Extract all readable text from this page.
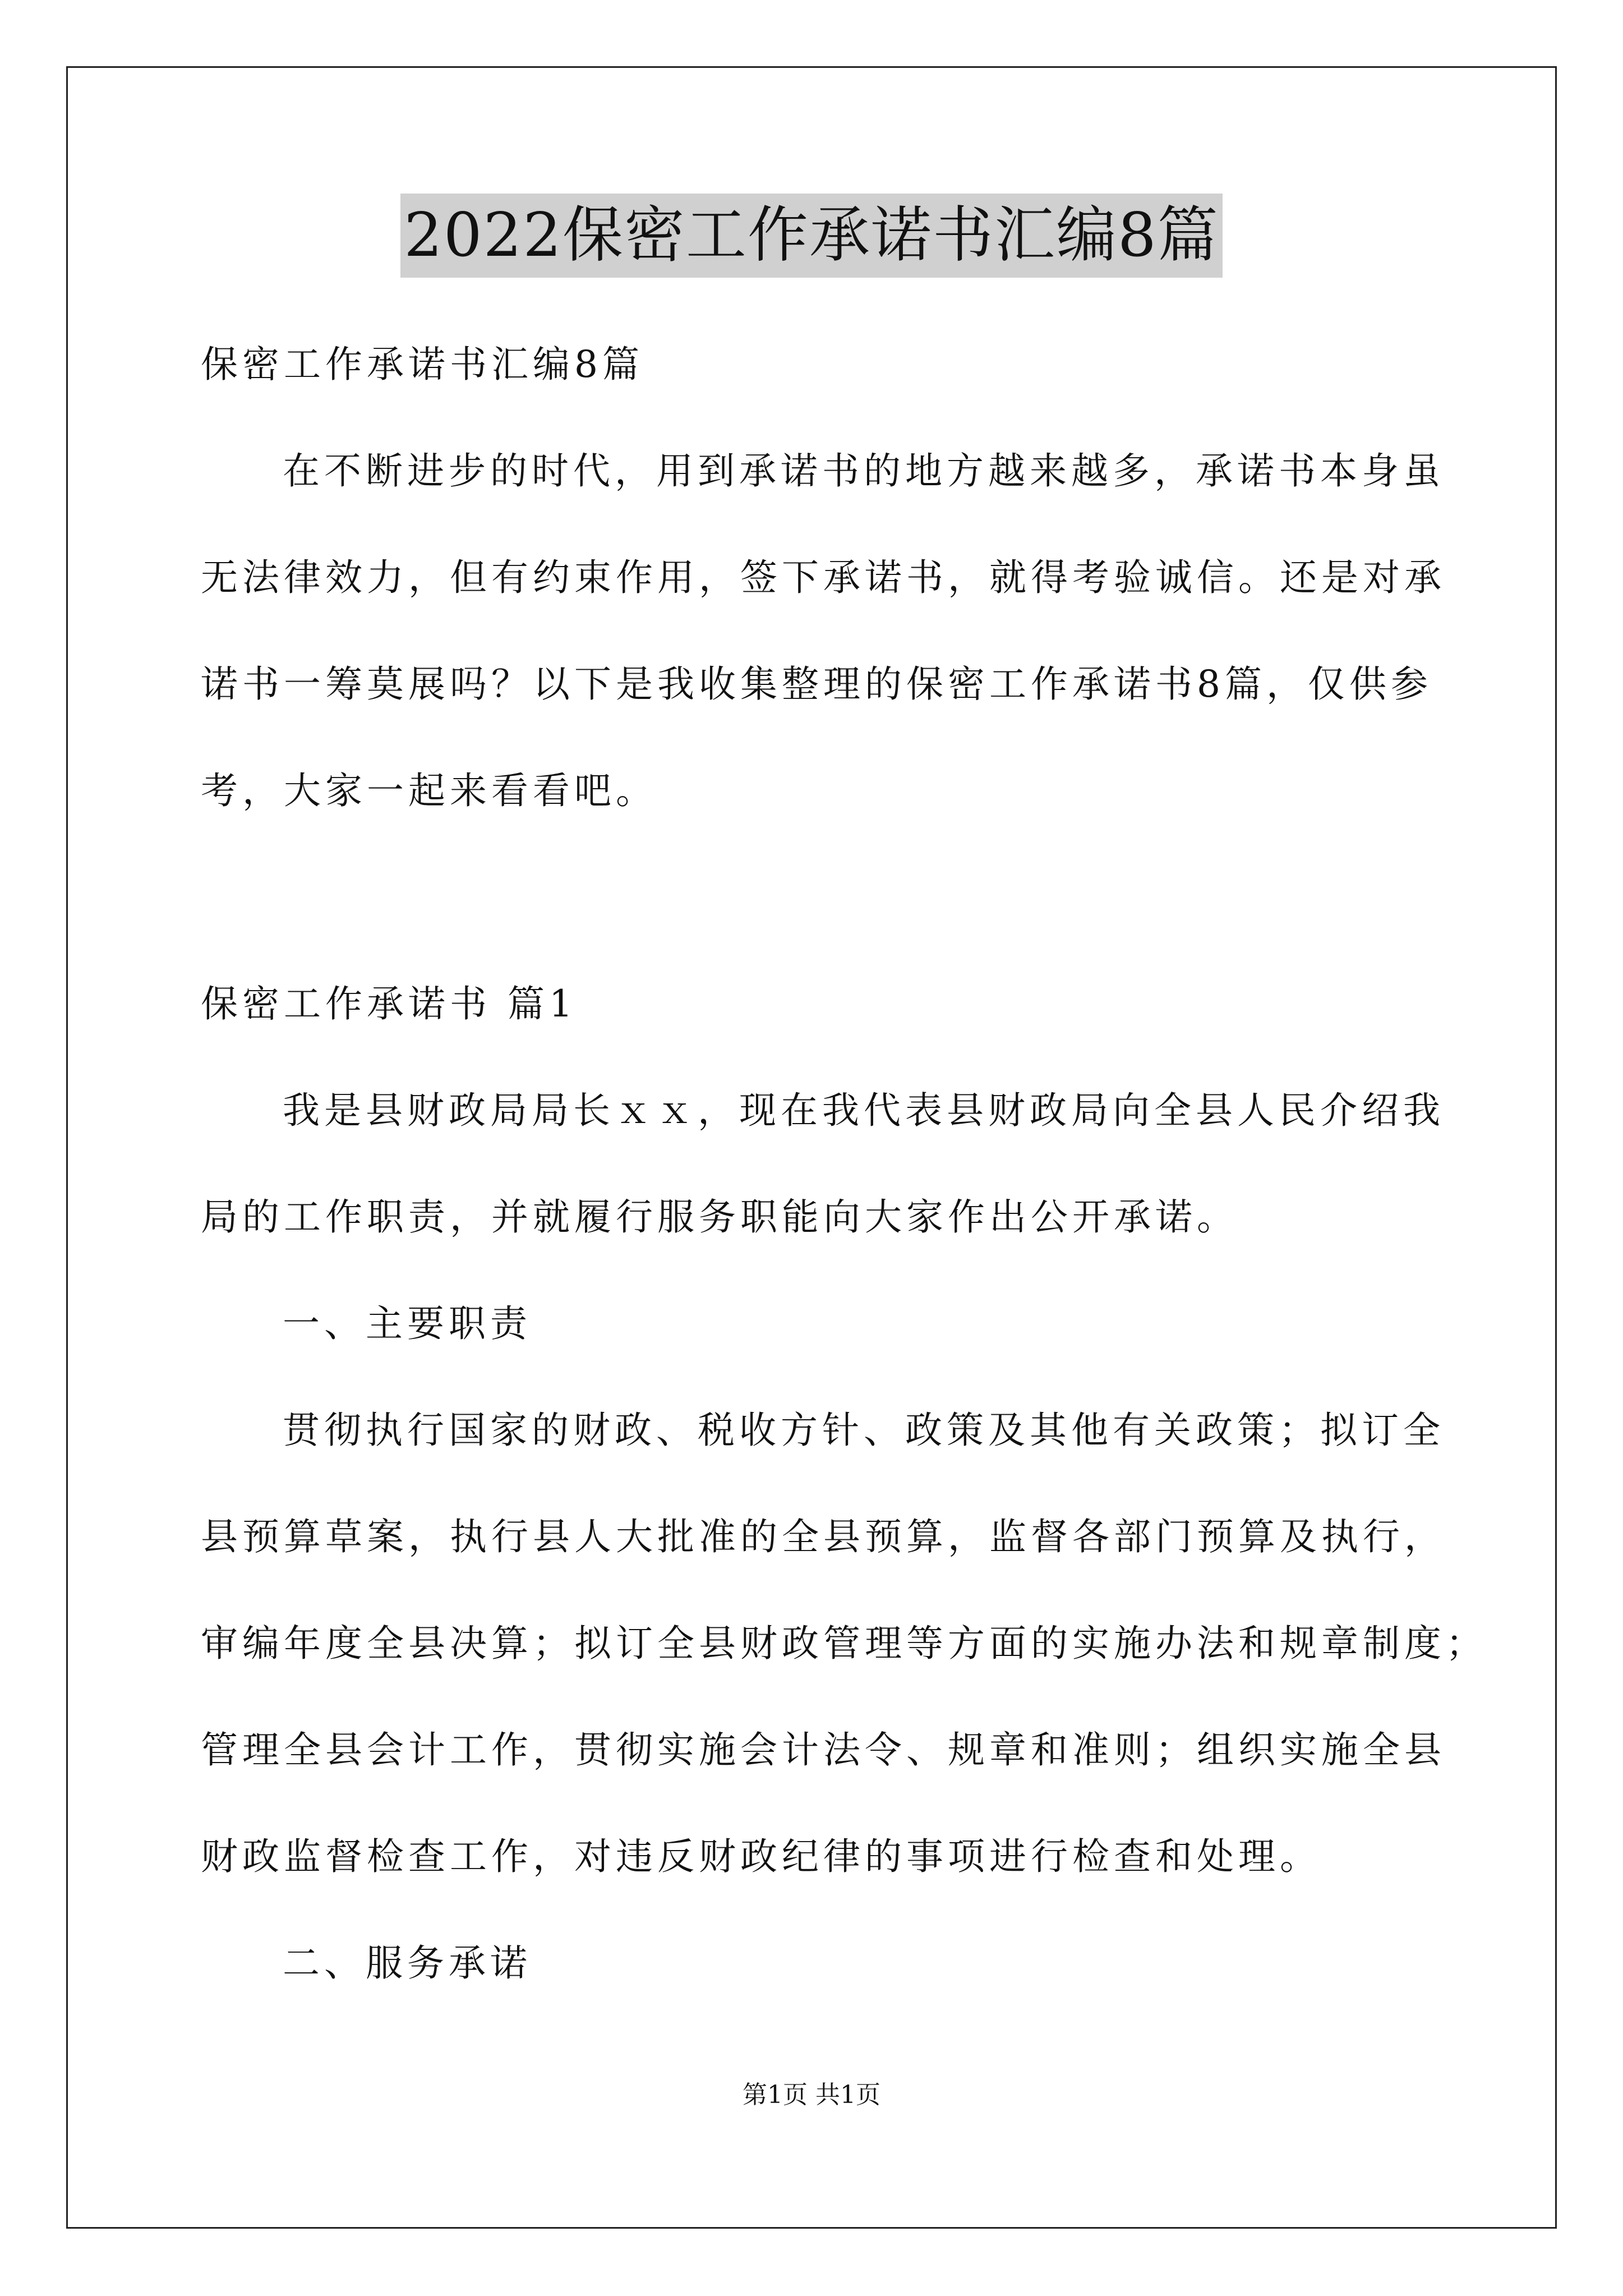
2022保密工作承诺书汇编8篇
保密工作承诺书汇编8篇
在不断进步的时代，用到承诺书的地方越来越多，承诺书本身虽
无法律效力，但有约束作用，签下承诺书，就得考验诚信。还是对承
诺书一筹莫展吗？以下是我收集整理的保密工作承诺书8篇，仅供参
考，大家一起来看看吧。
保密工作承诺书 篇1
我是县财政局局长ｘｘ，现在我代表县财政局向全县人民介绍我
局的工作职责，并就履行服务职能向大家作出公开承诺。
一、主要职责
贯彻执行国家的财政、税收方针、政策及其他有关政策；拟订全
县预算草案，执行县人大批准的全县预算，监督各部门预算及执行，
审编年度全县决算；拟订全县财政管理等方面的实施办法和规章制度；
管理全县会计工作，贯彻实施会计法令、规章和准则；组织实施全县
财政监督检查工作，对违反财政纪律的事项进行检查和处理。
二、服务承诺
第1页 共1页
